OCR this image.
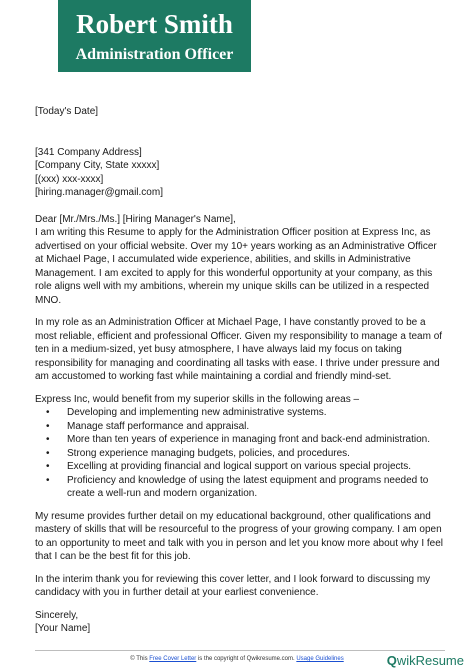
Robert Smith
Administration Officer

[Today's Date]

[341 Company Address]

[Company City, State xxxxx]

[(xxx) xxx-xxxx]

[hiring.manager@gmail.com]

Dear [Mr./Mrs./Ms.] [Hiring Manager's Name],

I am writing this Resume to apply for the Administration Officer position at Express Inc, as advertised on your official website. Over my 10+ years working as an Administrative Officer at Michael Page, I accumulated wide experience, abilities, and skills in Administrative Management. I am excited to apply for this wonderful opportunity at your company, as this role aligns well with my ambitions, wherein my unique skills can be utilized in a respected MNO.

In my role as an Administration Officer at Michael Page, I have constantly proved to be a most reliable, efficient and professional Officer. Given my responsibility to manage a team of ten in a medium-sized, yet busy atmosphere, I have always laid my focus on taking responsibility for managing and coordinating all tasks with ease. I thrive under pressure and am accustomed to working fast while maintaining a cordial and friendly mind-set.

Express Inc, would benefit from my superior skills in the following areas –

• Developing and implementing new administrative systems.
• Manage staff performance and appraisal.
• More than ten years of experience in managing front and back-end administration.
• Strong experience managing budgets, policies, and procedures.
• Excelling at providing financial and logical support on various special projects.
• Proficiency and knowledge of using the latest equipment and programs needed to create a well-run and modern organization.

My resume provides further detail on my educational background, other qualifications and mastery of skills that will be resourceful to the progress of your growing company. I am open to an opportunity to meet and talk with you in person and let you know more about why I feel that I can be the best fit for this job.

In the interim thank you for reviewing this cover letter, and I look forward to discussing my candidacy with you in further detail at your earliest convenience.

Sincerely,

[Your Name]

© This Free Cover Letter is the copyright of Qwikresume.com. Usage Guidelines	QwikResume
